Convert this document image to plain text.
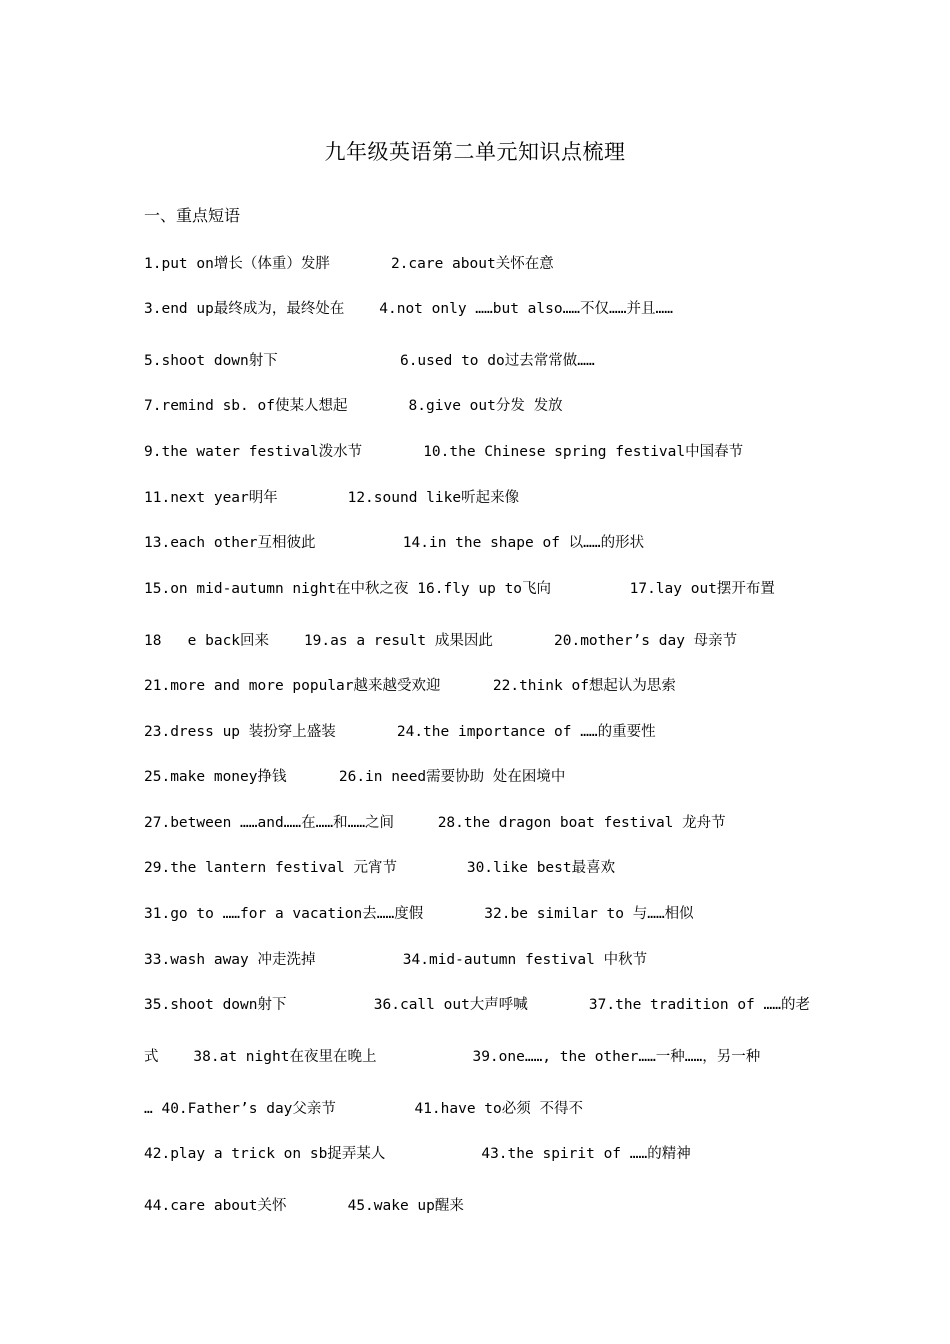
九年级英语第二单元知识点梳理
一、重点短语
1.put on增长（体重）发胖       2.care about关怀在意
3.end up最终成为，最终处在    4.not only ……but also……不仅……并且……
5.shoot down射下              6.used to do过去常常做……
7.remind sb. of使某人想起       8.give out分发 发放
9.the water festival泼水节       10.the Chinese spring festival中国春节
11.next year明年        12.sound like听起来像
13.each other互相彼此          14.in the shape of 以……的形状
15.on mid-autumn night在中秋之夜 16.fly up to飞向         17.lay out摆开布置
18   e back回来    19.as a result 成果因此       20.mother’s day 母亲节
21.more and more popular越来越受欢迎      22.think of想起认为思索
23.dress up 装扮穿上盛装       24.the importance of ……的重要性
25.make money挣钱      26.in need需要协助 处在困境中
27.between ……and……在……和……之间     28.the dragon boat festival 龙舟节
29.the lantern festival 元宵节        30.like best最喜欢
31.go to ……for a vacation去……度假       32.be similar to 与……相似
33.wash away 冲走洗掉          34.mid-autumn festival 中秋节
35.shoot down射下          36.call out大声呼喊       37.the tradition of ……的老
式    38.at night在夜里在晚上           39.one……, the other……一种……，另一种
… 40.Father’s day父亲节         41.have to必须 不得不
42.play a trick on sb捉弄某人           43.the spirit of ……的精神
44.care about关怀       45.wake up醒来
